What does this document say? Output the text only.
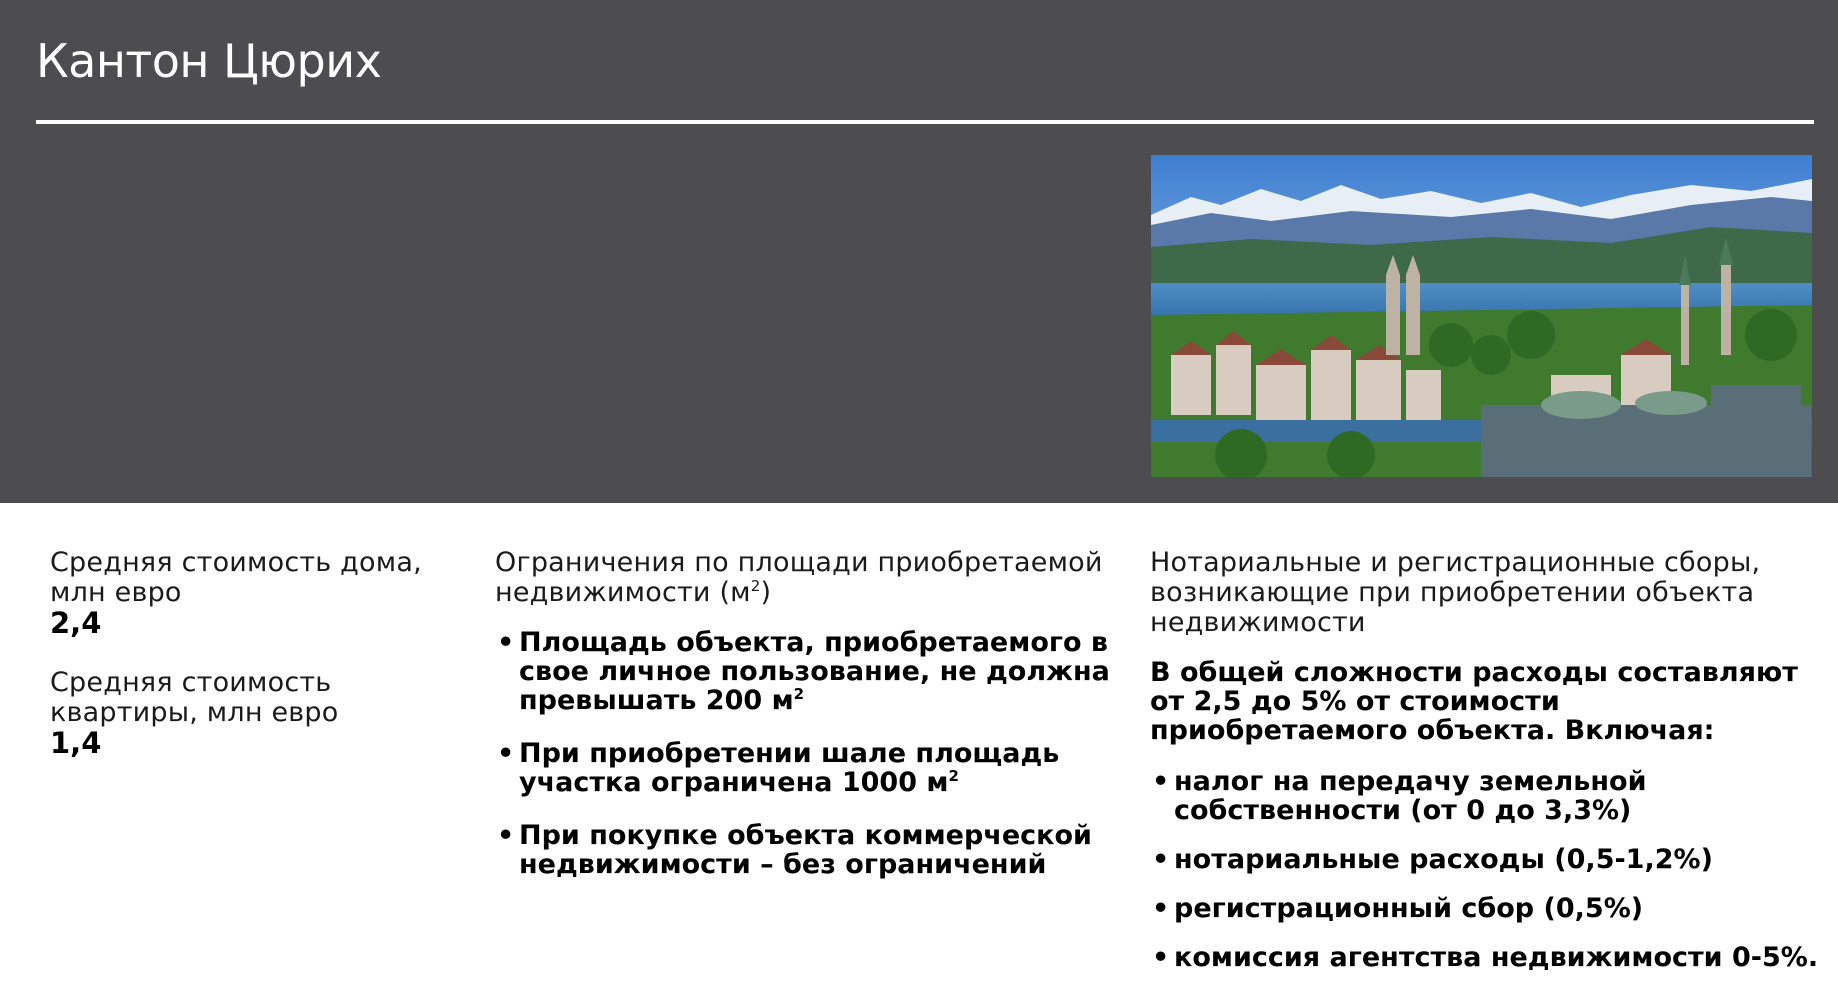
Кантон Цюрих
Средняя стоимость дома, млн евро
2,4
Средняя стоимость квартиры, млн евро
1,4
Ограничения по площади приобретаемой недвижимости $(м^2)$
• Площадь объекта, приобретаемого в свое личное пользование, не должна превышать 200 $м^2$
• При приобретении шале площадь участка ограничена 1000 $м^2$
• При покупке объекта коммерческой недвижимости – без ограничений
Нотариальные и регистрационные сборы, возникающие при приобретении объекта недвижимости
В общей сложности расходы составляют от 2,5 до 5% от стоимости приобретаемого объекта. Включая:
• налог на передачу земельной собственности (от 0 до 3,3%)
• нотариальные расходы (0,5-1,2%)
• регистрационный сбор (0,5%)
• комиссия агентства недвижимости 0-5%.
